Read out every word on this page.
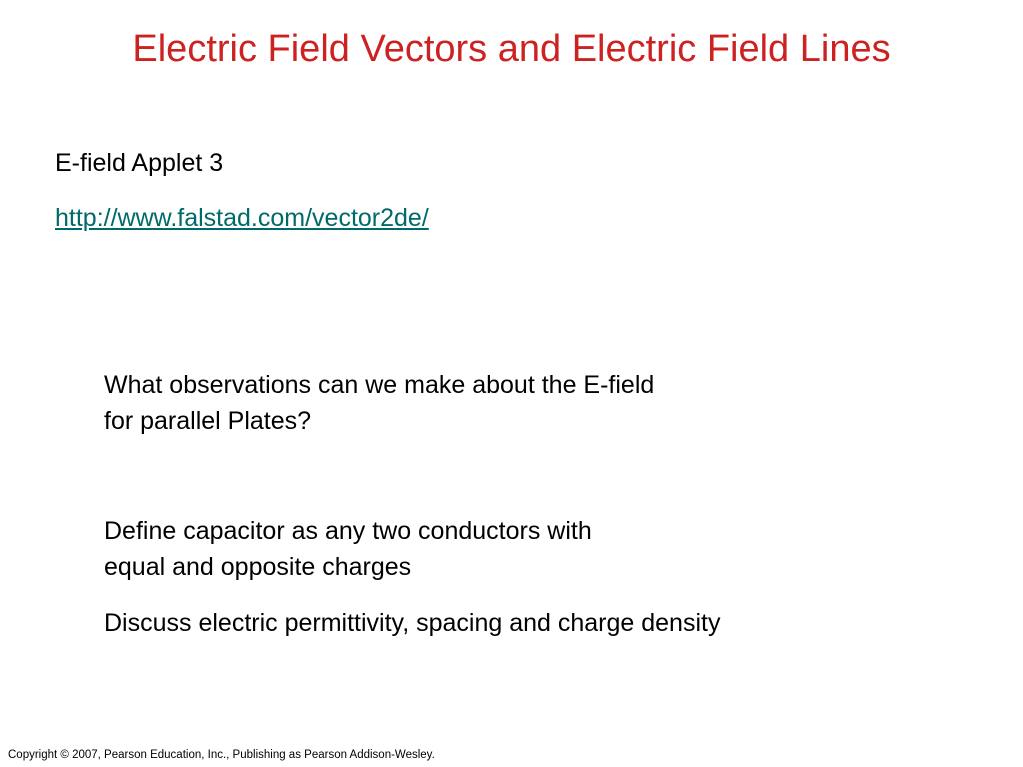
Electric Field Vectors and Electric Field Lines
E-field Applet 3
http://www.falstad.com/vector2de/
What observations can we make about the E-field
for parallel Plates?
Define capacitor as any two conductors with
equal and opposite charges
Discuss electric permittivity, spacing and charge density
Copyright © 2007, Pearson Education, Inc., Publishing as Pearson Addison-Wesley.
